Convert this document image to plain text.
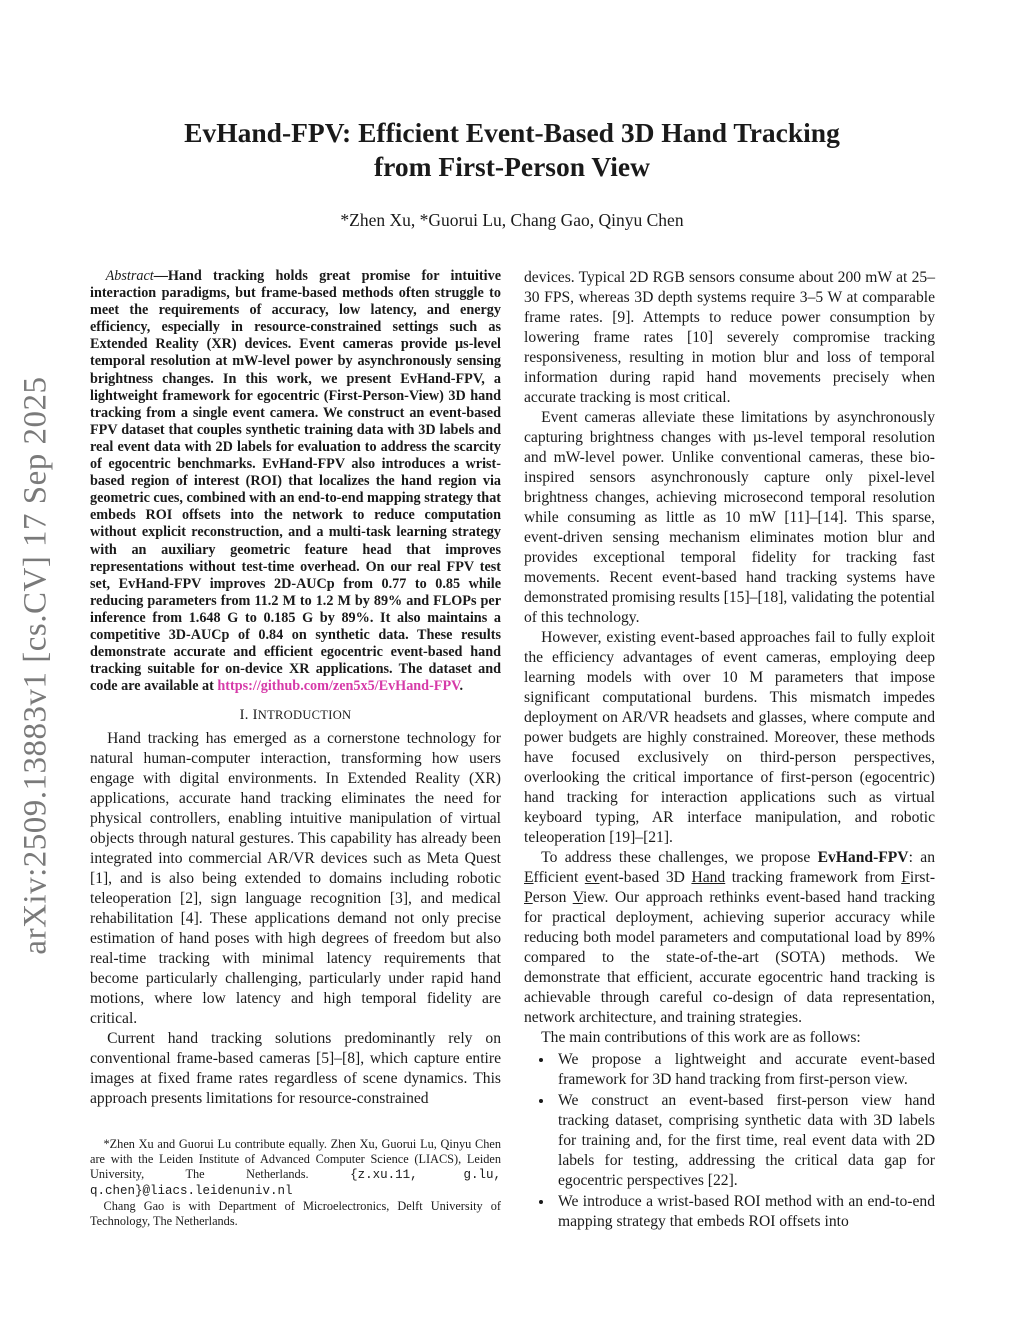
arXiv:2509.13883v1 [cs.CV] 17 Sep 2025
EvHand-FPV: Efficient Event-Based 3D Hand Tracking
from First-Person View
*Zhen Xu, *Guorui Lu, Chang Gao, Qinyu Chen
Abstract—Hand tracking holds great promise for intuitive interaction paradigms, but frame-based methods often struggle to meet the requirements of accuracy, low latency, and energy efficiency, especially in resource-constrained settings such as Extended Reality (XR) devices. Event cameras provide µs-level temporal resolution at mW-level power by asynchronously sensing brightness changes. In this work, we present EvHand-FPV, a lightweight framework for egocentric (First-Person-View) 3D hand tracking from a single event camera. We construct an event-based FPV dataset that couples synthetic training data with 3D labels and real event data with 2D labels for evaluation to address the scarcity of egocentric benchmarks. EvHand-FPV also introduces a wrist-based region of interest (ROI) that localizes the hand region via geometric cues, combined with an end-to-end mapping strategy that embeds ROI offsets into the network to reduce computation without explicit reconstruction, and a multi-task learning strategy with an auxiliary geometric feature head that improves representations without test-time overhead. On our real FPV test set, EvHand-FPV improves 2D-AUCp from 0.77 to 0.85 while reducing parameters from 11.2 M to 1.2 M by 89% and FLOPs per inference from 1.648 G to 0.185 G by 89%. It also maintains a competitive 3D-AUCp of 0.84 on synthetic data. These results demonstrate accurate and efficient egocentric event-based hand tracking suitable for on-device XR applications. The dataset and code are available at https://github.com/zen5x5/EvHand-FPV.
I. INTRODUCTION

Hand tracking has emerged as a cornerstone technology for natural human-computer interaction, transforming how users engage with digital environments. In Extended Reality (XR) applications, accurate hand tracking eliminates the need for physical controllers, enabling intuitive manipulation of virtual objects through natural gestures. This capability has already been integrated into commercial AR/VR devices such as Meta Quest [1], and is also being extended to domains including robotic teleoperation [2], sign language recognition [3], and medical rehabilitation [4]. These applications demand not only precise estimation of hand poses with high degrees of freedom but also real-time tracking with minimal latency requirements that become particularly challenging, particularly under rapid hand motions, where low latency and high temporal fidelity are critical.

Current hand tracking solutions predominantly rely on conventional frame-based cameras [5]–[8], which capture entire images at fixed frame rates regardless of scene dynamics. This approach presents limitations for resource-constrained

*Zhen Xu and Guorui Lu contribute equally. Zhen Xu, Guorui Lu, Qinyu Chen are with the Leiden Institute of Advanced Computer Science (LIACS), Leiden University, The Netherlands. {z.xu.11, g.lu, q.chen}@liacs.leidenuniv.nl

Chang Gao is with Department of Microelectronics, Delft University of Technology, The Netherlands.

devices. Typical 2D RGB sensors consume about 200 mW at 25–30 FPS, whereas 3D depth systems require 3–5 W at comparable frame rates. [9]. Attempts to reduce power consumption by lowering frame rates [10] severely compromise tracking responsiveness, resulting in motion blur and loss of temporal information during rapid hand movements precisely when accurate tracking is most critical.

Event cameras alleviate these limitations by asynchronously capturing brightness changes with µs-level temporal resolution and mW-level power. Unlike conventional cameras, these bio-inspired sensors asynchronously capture only pixel-level brightness changes, achieving microsecond temporal resolution while consuming as little as 10 mW [11]–[14]. This sparse, event-driven sensing mechanism eliminates motion blur and provides exceptional temporal fidelity for tracking fast movements. Recent event-based hand tracking systems have demonstrated promising results [15]–[18], validating the potential of this technology.

However, existing event-based approaches fail to fully exploit the efficiency advantages of event cameras, employing deep learning models with over 10 M parameters that impose significant computational burdens. This mismatch impedes deployment on AR/VR headsets and glasses, where compute and power budgets are highly constrained. Moreover, these methods have focused exclusively on third-person perspectives, overlooking the critical importance of first-person (egocentric) hand tracking for interaction applications such as virtual keyboard typing, AR interface manipulation, and robotic teleoperation [19]–[21].

To address these challenges, we propose EvHand-FPV: an Efficient event-based 3D Hand tracking framework from First-Person View. Our approach rethinks event-based hand tracking for practical deployment, achieving superior accuracy while reducing both model parameters and computational load by 89% compared to the state-of-the-art (SOTA) methods. We demonstrate that efficient, accurate egocentric hand tracking is achievable through careful co-design of data representation, network architecture, and training strategies.

The main contributions of this work are as follows:

• We propose a lightweight and accurate event-based framework for 3D hand tracking from first-person view.
• We construct an event-based first-person view hand tracking dataset, comprising synthetic data with 3D labels for training and, for the first time, real event data with 2D labels for testing, addressing the critical data gap for egocentric perspectives [22].
• We introduce a wrist-based ROI method with an end-to-end mapping strategy that embeds ROI offsets into
